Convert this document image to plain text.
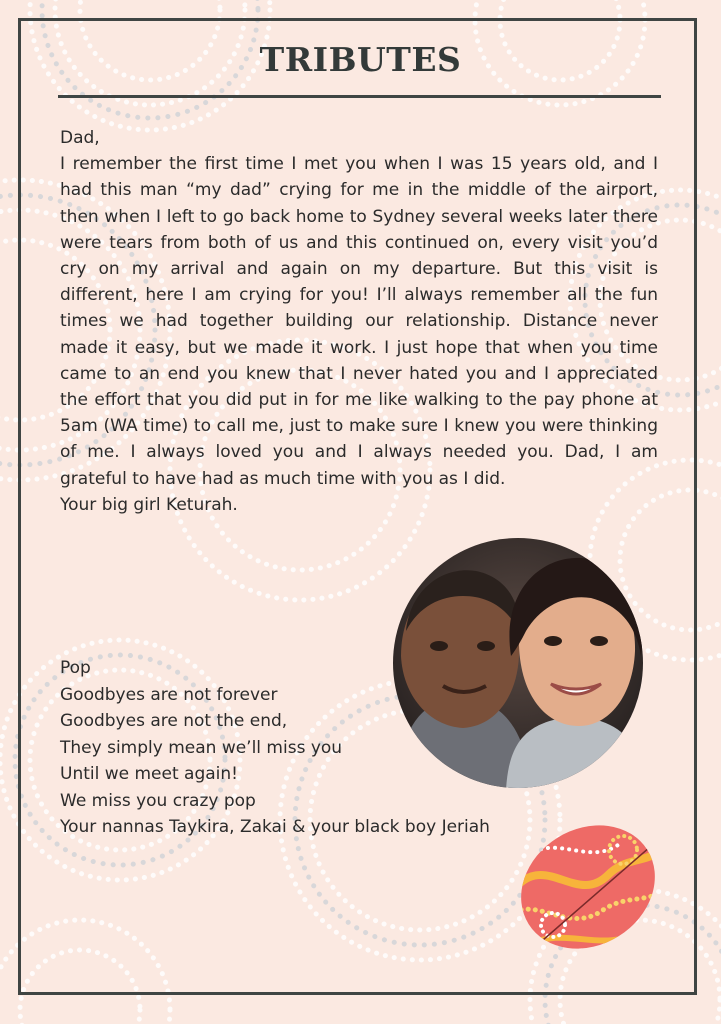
TRIBUTES

Dad,

I remember the first time I met you when I was 15 years old, and I had this man “my dad” crying for me in the middle of the airport, then when I left to go back home to Sydney several weeks later there were tears from both of us and this continued on, every visit you’d cry on my arrival and again on my departure. But this visit is different, here I am crying for you! I’ll always remember all the fun times we had together building our relationship. Distance never made it easy, but we made it work. I just hope that when you time came to an end you knew that I never hated you and I appreciated the effort that you did put in for me like walking to the pay phone at 5am (WA time) to call me, just to make sure I knew you were thinking of me. I always loved you and I always needed you. Dad, I am grateful to have had as much time with you as I did.

Your big girl Keturah.

Pop

Goodbyes are not forever

Goodbyes are not the end,

They simply mean we’ll miss you

Until we meet again!

We miss you crazy pop

Your nannas Taykira, Zakai & your black boy Jeriah
